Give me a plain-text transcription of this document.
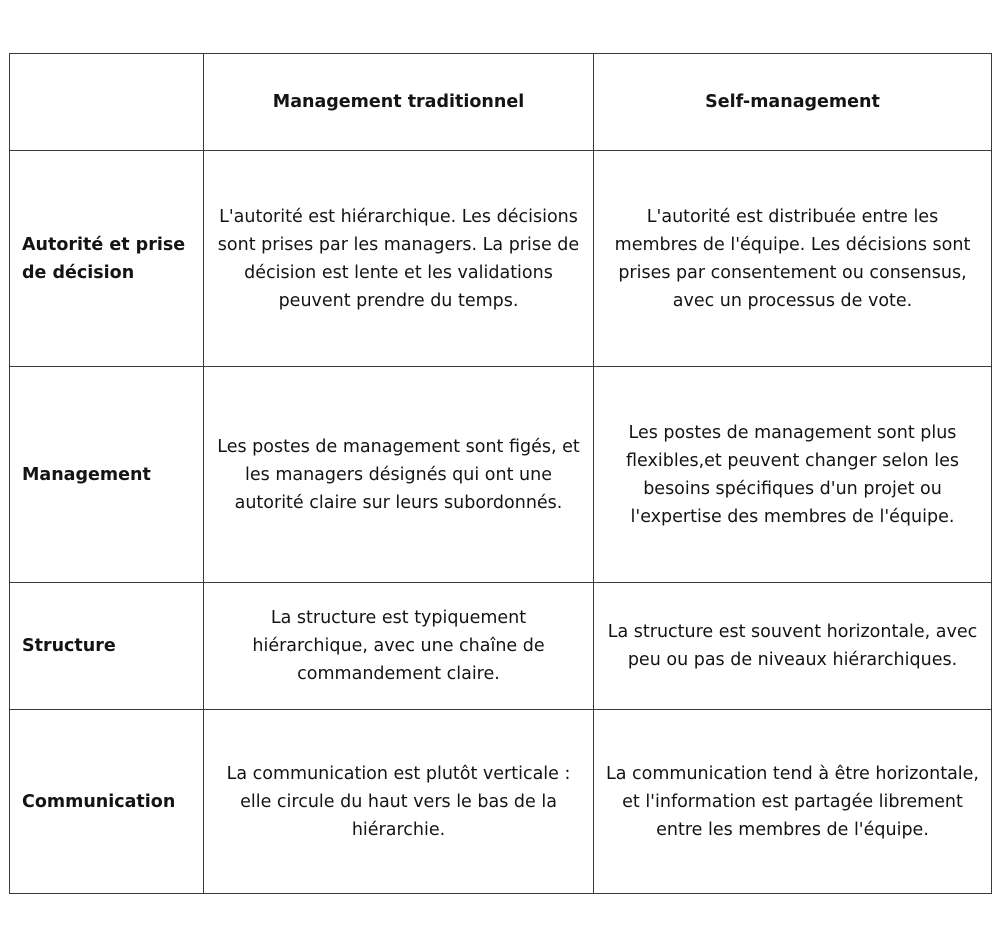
	Management traditionnel	Self-management
Autorité et prise de décision	L'autorité est hiérarchique. Les décisions sont prises par les managers. La prise de décision est lente et les validations peuvent prendre du temps.	L'autorité est distribuée entre les membres de l'équipe. Les décisions sont prises par consentement ou consensus, avec un processus de vote.
Management	Les postes de management sont figés, et les managers désignés qui ont une autorité claire sur leurs subordonnés.	Les postes de management sont plus flexibles,et peuvent changer selon les besoins spécifiques d'un projet ou l'expertise des membres de l'équipe.
Structure	La structure est typiquement hiérarchique, avec une chaîne de commandement claire.	La structure est souvent horizontale, avec peu ou pas de niveaux hiérarchiques.
Communication	La communication est plutôt verticale : elle circule du haut vers le bas de la hiérarchie.	La communication tend à être horizontale, et l'information est partagée librement entre les membres de l'équipe.
